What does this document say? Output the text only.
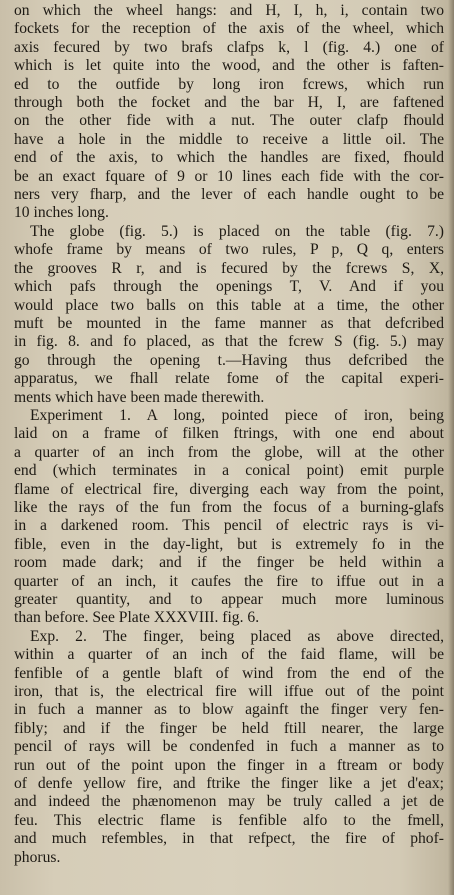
on which the wheel hangs: and H, I, h, i, contain two
fockets for the reception of the axis of the wheel, which
axis fecured by two brafs clafps k, l (fig. 4.) one of
which is let quite into the wood, and the other is faften-
ed to the outfide by long iron fcrews, which run
through both the focket and the bar H, I, are faftened
on the other fide with a nut. The outer clafp fhould
have a hole in the middle to receive a little oil. The
end of the axis, to which the handles are fixed, fhould
be an exact fquare of 9 or 10 lines each fide with the cor-
ners very fharp, and the lever of each handle ought to be
10 inches long.
The globe (fig. 5.) is placed on the table (fig. 7.)
whofe frame by means of two rules, P p, Q q, enters
the grooves R r, and is fecured by the fcrews S, X,
which pafs through the openings T, V. And if you
would place two balls on this table at a time, the other
muft be mounted in the fame manner as that defcribed
in fig. 8. and fo placed, as that the fcrew S (fig. 5.) may
go through the opening t.—Having thus defcribed the
apparatus, we fhall relate fome of the capital experi-
ments which have been made therewith.
Experiment 1. A long, pointed piece of iron, being
laid on a frame of filken ftrings, with one end about
a quarter of an inch from the globe, will at the other
end (which terminates in a conical point) emit purple
flame of electrical fire, diverging each way from the point,
like the rays of the fun from the focus of a burning-glafs
in a darkened room. This pencil of electric rays is vi-
fible, even in the day-light, but is extremely fo in the
room made dark; and if the finger be held within a
quarter of an inch, it caufes the fire to iffue out in a
greater quantity, and to appear much more luminous
than before. See Plate XXXVIII. fig. 6.
Exp. 2. The finger, being placed as above directed,
within a quarter of an inch of the faid flame, will be
fenfible of a gentle blaft of wind from the end of the
iron, that is, the electrical fire will iffue out of the point
in fuch a manner as to blow againft the finger very fen-
fibly; and if the finger be held ftill nearer, the large
pencil of rays will be condenfed in fuch a manner as to
run out of the point upon the finger in a ftream or body
of denfe yellow fire, and ftrike the finger like a jet d'eax;
and indeed the phænomenon may be truly called a jet de
feu. This electric flame is fenfible alfo to the fmell,
and much refembles, in that refpect, the fire of phof-
phorus.
